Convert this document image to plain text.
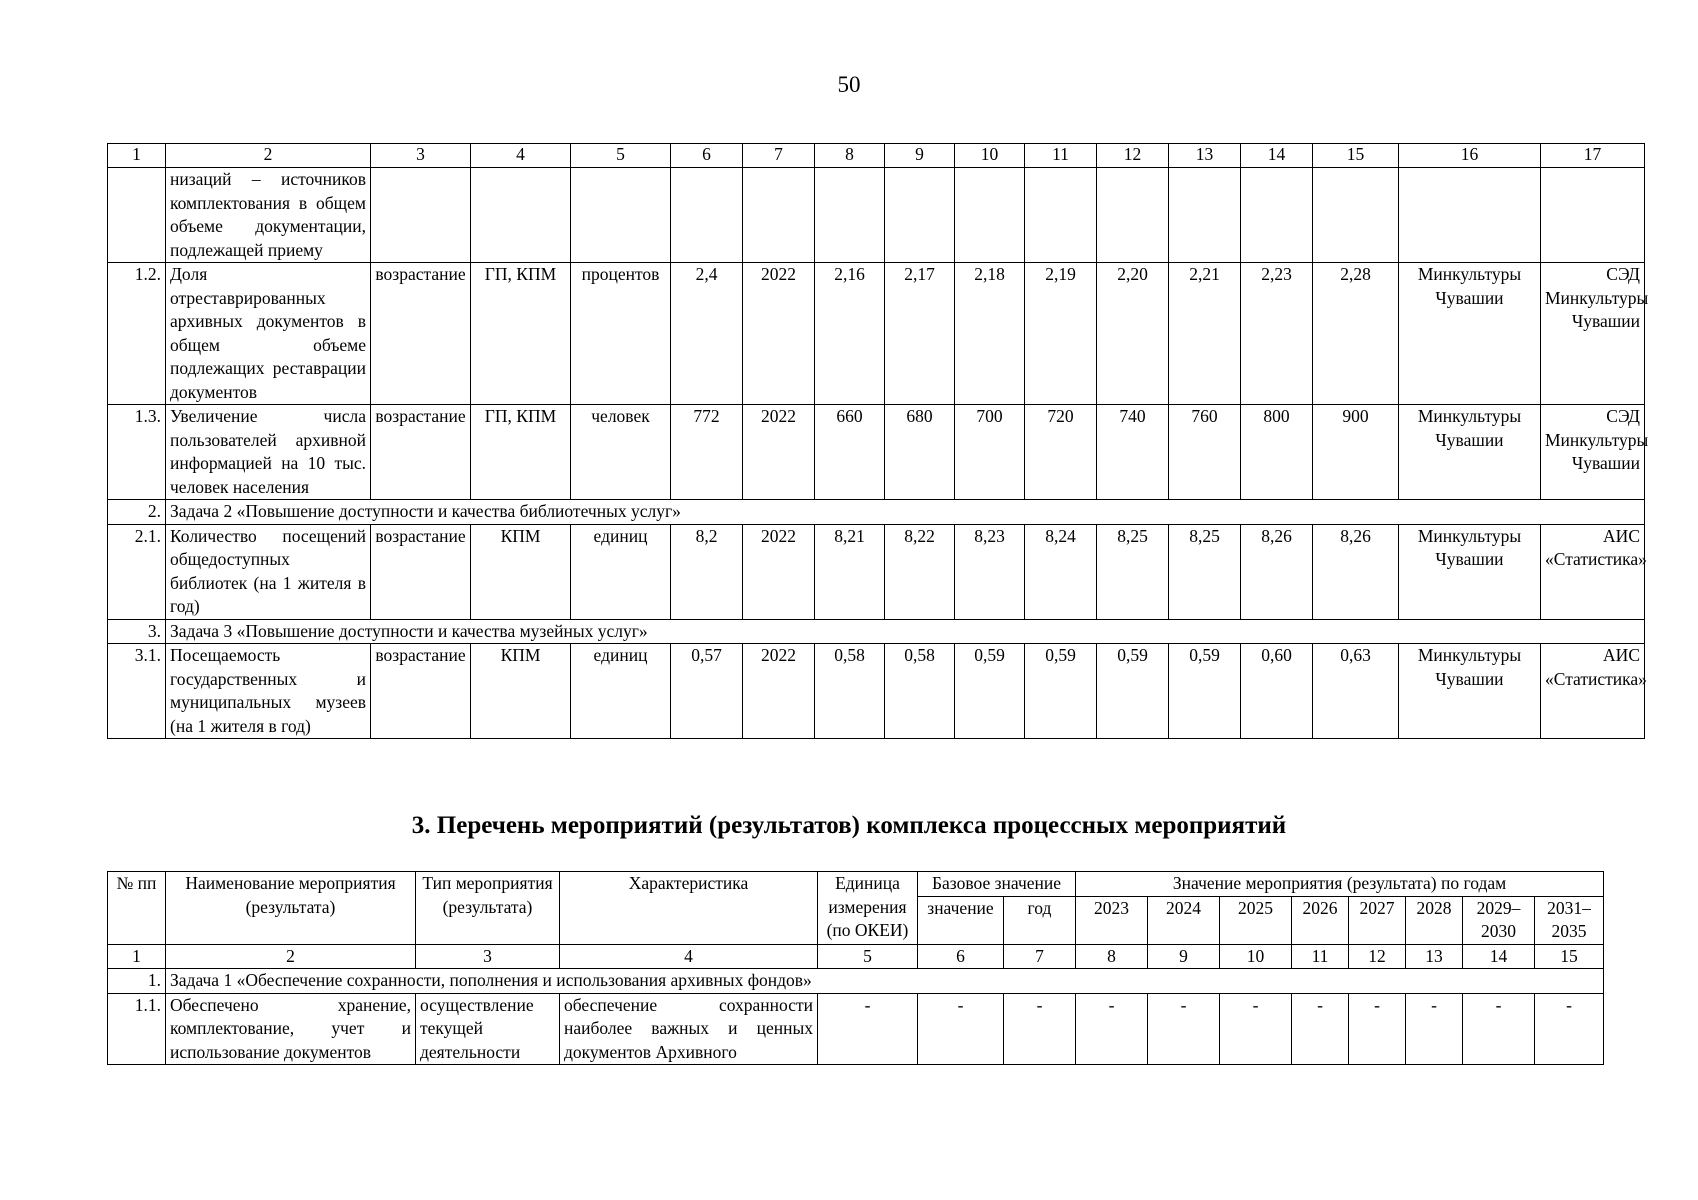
50
1	2	3	4	5	6	7	8	9	10	11	12	13	14	15	16	17
	низаций – источников комплектования в общем объеме документации, подлежащей приему															
1.2.	Доля отреставрированных архивных документов в общем объеме подлежащих реставрации документов	возрастание	ГП, КПМ	процентов	2,4	2022	2,16	2,17	2,18	2,19	2,20	2,21	2,23	2,28	Минкультуры Чувашии	СЭД Минкультуры Чувашии
1.3.	Увеличение числа пользователей архивной информацией на 10 тыс. человек населения	возрастание	ГП, КПМ	человек	772	2022	660	680	700	720	740	760	800	900	Минкультуры Чувашии	СЭД Минкультуры Чувашии
2.	Задача 2 «Повышение доступности и качества библиотечных услуг»															
2.1.	Количество посещений общедоступных библиотек (на 1 жителя в год)	возрастание	КПМ	единиц	8,2	2022	8,21	8,22	8,23	8,24	8,25	8,25	8,26	8,26	Минкультуры Чувашии	АИС «Статистика»
3.	Задача 3 «Повышение доступности и качества музейных услуг»															
3.1.	Посещаемость государственных и муниципальных музеев (на 1 жителя в год)	возрастание	КПМ	единиц	0,57	2022	0,58	0,58	0,59	0,59	0,59	0,59	0,60	0,63	Минкультуры Чувашии	АИС «Статистика»
3. Перечень мероприятий (результатов) комплекса процессных мероприятий
№ пп	Наименование мероприятия (результата)	Тип мероприятия (результата)	Характеристика	Единица измерения (по ОКЕИ)	Базовое значение		Значение мероприятия (результата) по годам							
					значение	год	2023	2024	2025	2026	2027	2028	2029–2030	2031–2035
1	2	3	4	5	6	7	8	9	10	11	12	13	14	15
1.	Задача 1 «Обеспечение сохранности, пополнения и использования архивных фондов»													
1.1.	Обеспечено хранение, комплектование, учет и использование документов	осуществление текущей деятельности	обеспечение сохранности наиболее важных и ценных документов Архивного	-	-	-	-	-	-	-	-	-	-	-
